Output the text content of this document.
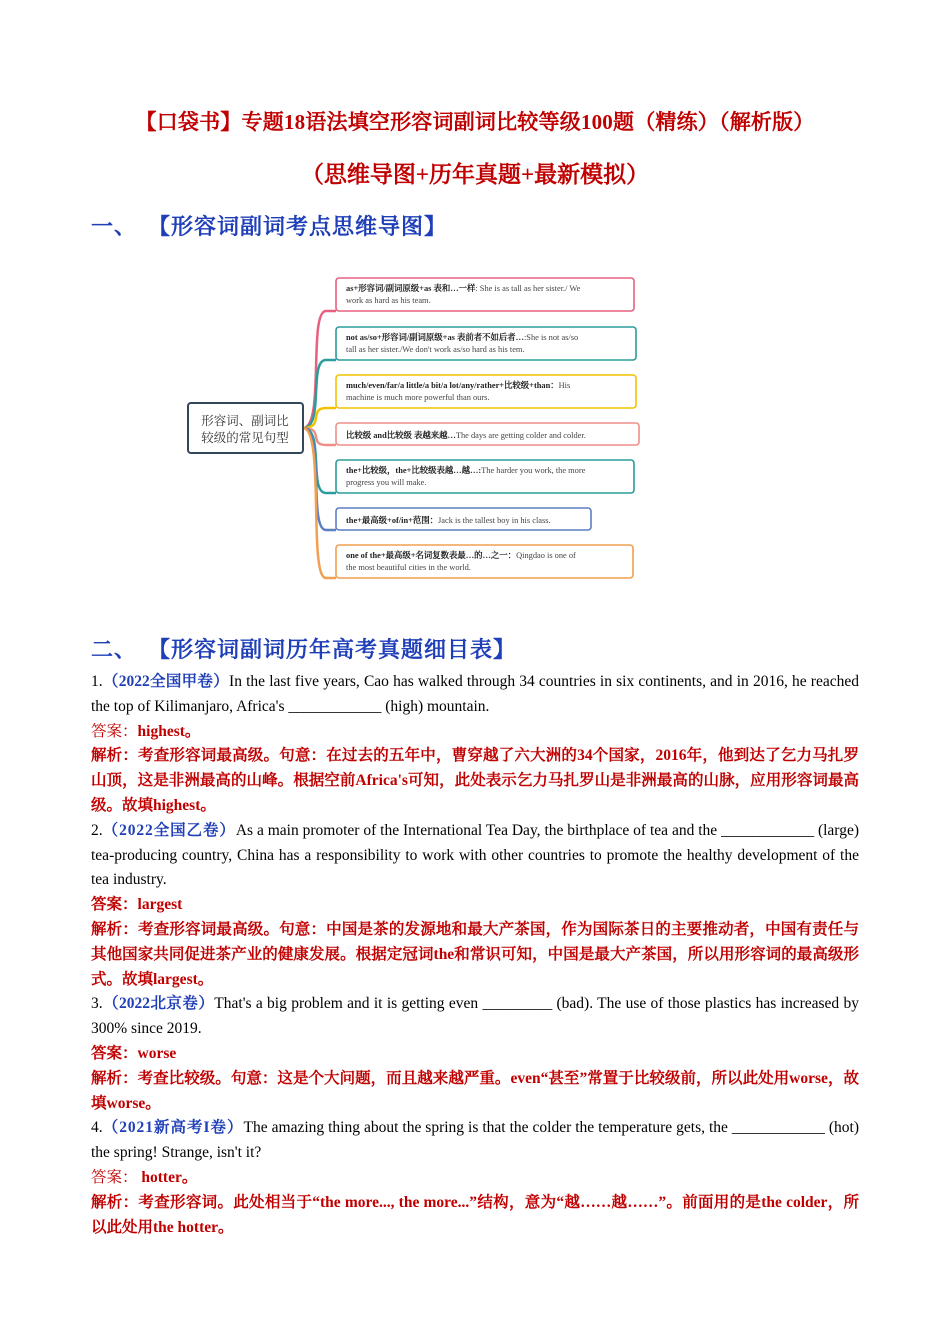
【口袋书】专题18语法填空形容词副词比较等级100题（精练）（解析版）
（思维导图+历年真题+最新模拟）
一、 【形容词副词考点思维导图】
形容词、副词比
较级的常见句型
as+形容词/副词原级+as 表和…一样: She is as tall as her sister./ We
work as hard as his team.
not as/so+形容词/副词原级+as 表前者不如后者…:She is not as/so
tall as her sister./We don't work as/so hard as his tem.
much/even/far/a little/a bit/a lot/any/rather+比较级+than：His
machine is much more powerful than ours.
比较级 and比较级 表越来越…The days are getting colder and colder.
the+比较级，the+比较级表越…越…:The harder you work, the more
progress you will make.
the+最高级+of/in+范围：Jack is the tallest boy in his class.
one of the+最高级+名词复数表最…的…之一：Qingdao is one of
the most beautiful cities in the world.
二、 【形容词副词历年高考真题细目表】

1.（2022全国甲卷）In the last five years, Cao has walked through 34 countries in six continents, and in 2016, he reached the top of Kilimanjaro, Africa's ____________ (high) mountain.

答案：highest。

解析：考查形容词最高级。句意：在过去的五年中，曹穿越了六大洲的34个国家，2016年，他到达了乞力马扎罗山顶，这是非洲最高的山峰。根据空前Africa's可知，此处表示乞力马扎罗山是非洲最高的山脉，应用形容词最高级。故填highest。

2.（2022全国乙卷）As a main promoter of the International Tea Day, the birthplace of tea and the ____________ (large) tea-producing country, China has a responsibility to work with other countries to promote the healthy development of the tea industry.

答案：largest

解析：考查形容词最高级。句意：中国是茶的发源地和最大产茶国，作为国际茶日的主要推动者，中国有责任与其他国家共同促进茶产业的健康发展。根据定冠词the和常识可知，中国是最大产茶国，所以用形容词的最高级形式。故填largest。

3.（2022北京卷）That's a big problem and it is getting even _________ (bad). The use of those plastics has increased by 300% since 2019.

答案：worse

解析：考查比较级。句意：这是个大问题，而且越来越严重。even“甚至”常置于比较级前，所以此处用worse，故填worse。

4.（2021新高考I卷）The amazing thing about the spring is that the colder the temperature gets, the ____________ (hot) the spring! Strange, isn't it?

答案： hotter。

解析：考查形容词。此处相当于“the more..., the more...”结构，意为“越……越……”。前面用的是the colder，所以此处用the hotter。
